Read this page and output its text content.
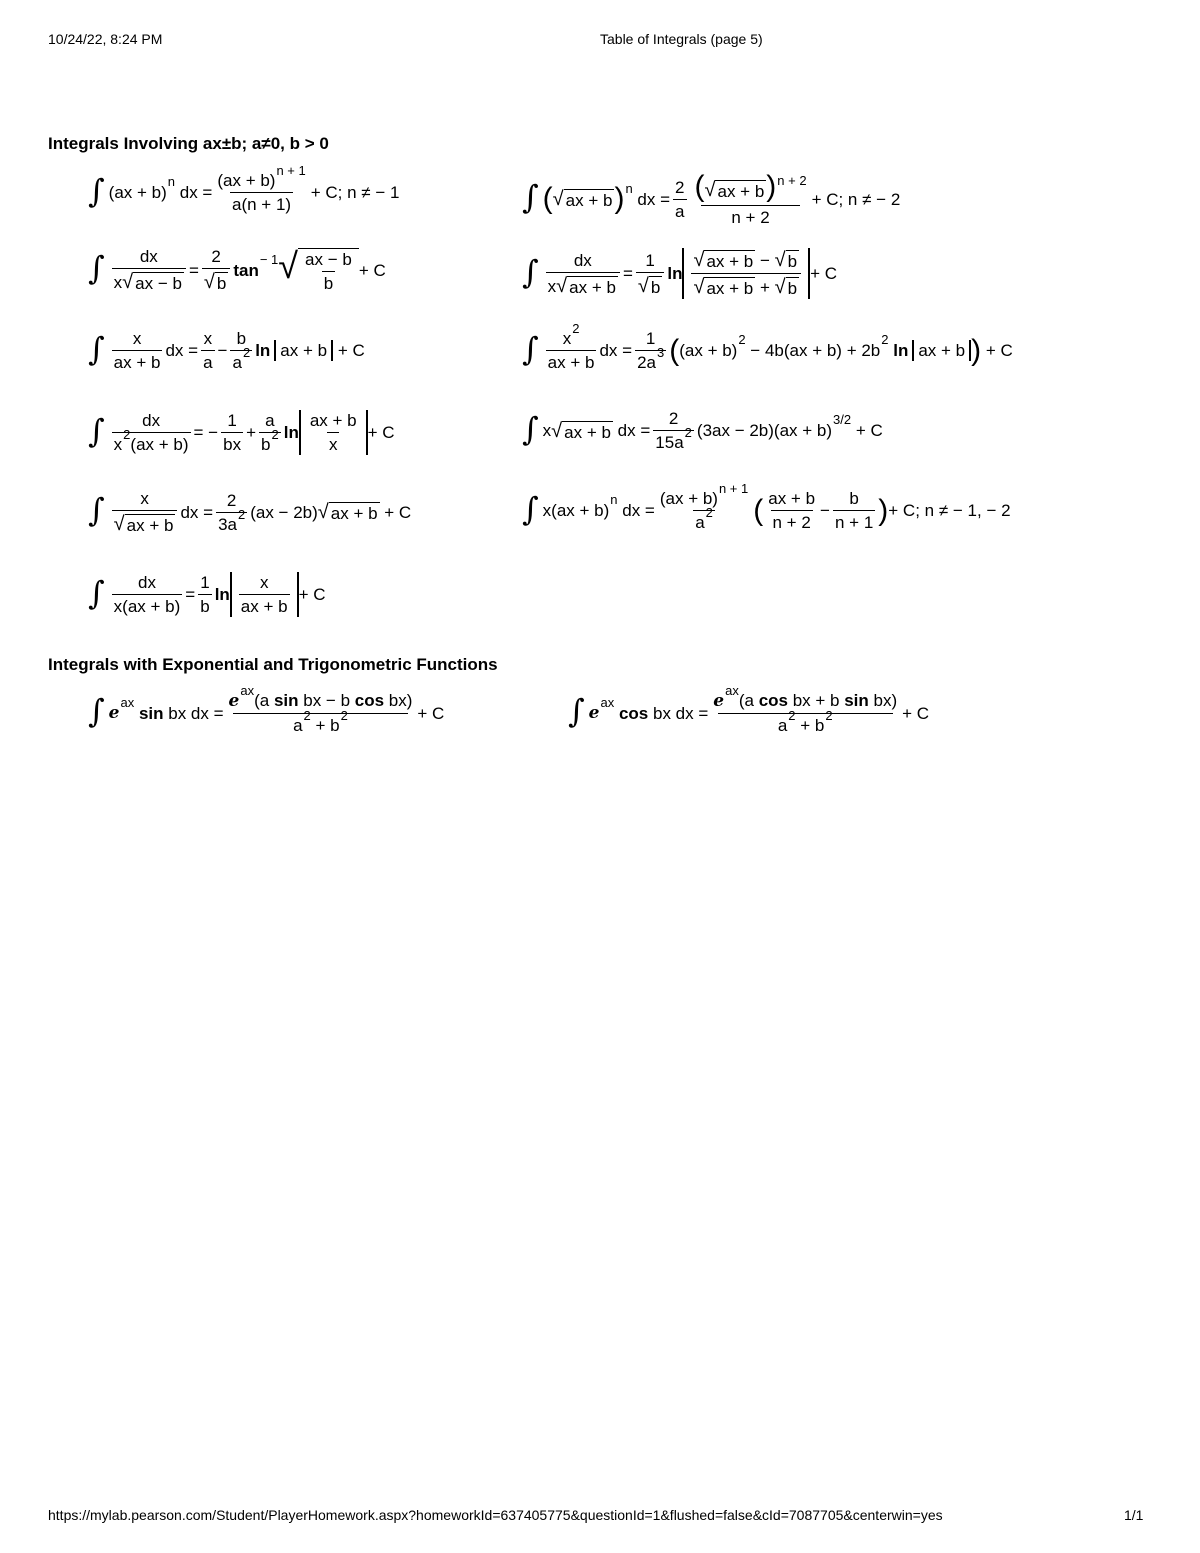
10/24/22, 8:24 PM	Table of Integrals (page 5)
Integrals Involving ax±b; a≠0, b > 0
∫ (ax + b)
n
dx = $\frac{(ax + b)^{n + 1}}{a(n + 1)} + C$; n ≠ − 1	∫ ( √ ax + b ) n
dx = $\frac{2}{a} \frac{( √ ax + b )^{n + 2}}{n + 2} + C$; n ≠ − 2
∫ $\frac{dx}{x √ ax - b} = \frac{2}{√ b}$ tan
− 1 √ $\frac{ax - b}{b} + C$	∫ $\frac{dx}{x √ ax + b} = \frac{1}{√ b}$ $\ln \frac{√ ax + b - √ b}{√ ax + b + √ b} + C$
∫ $\frac{x}{ax + b}$ dx = $\frac{x}{a} - \frac{b}{a^2}$ ln ax + b + C	∫ $\frac{x^2}{ax + b}$ dx = $\frac{1}{2a^3}$ ( (ax + b)
2
− 4b(ax + b) + 2b
2

ln ax + b ) + C
∫ $\frac{dx}{x^2(ax + b)}$ = − $\frac{1}{bx} + \frac{a}{b^2}$ $\ln \frac{ax + b}{x} + C$	∫ x √ ax + b dx = $\frac{2}{15a^2} (3ax - 2b)(ax + b)$
3/2
+ C
∫ $\frac{x}{√ ax + b}$ dx = $\frac{2}{3a^2} (ax - 2b)$ √ ax + b + C	∫ x(ax + b)
n
dx = $\frac{(ax + b)^{n + 1}}{a^2}$ ( $\frac{ax + b}{n + 2} - \frac{b}{n + 1}$ ) + C; n ≠ − 1, − 2
∫ $\frac{dx}{x(ax + b)} = \frac{1}{b}$ $\ln \frac{x}{ax + b} + C$
Integrals with Exponential and Trigonometric Functions
∫ e
ax

sin bx dx = $\frac{e^{ax}(a \sin bx - b \cos bx)}{a^2 + b^2} + C$	∫ e
ax

cos bx dx = $\frac{e^{ax}(a \cos bx + b \sin bx)}{a^2 + b^2} + C$
https://mylab.pearson.com/Student/PlayerHomework.aspx?homeworkId=637405775&questionId=1&flushed=false&cId=7087705&centerwin=yes	1/1
